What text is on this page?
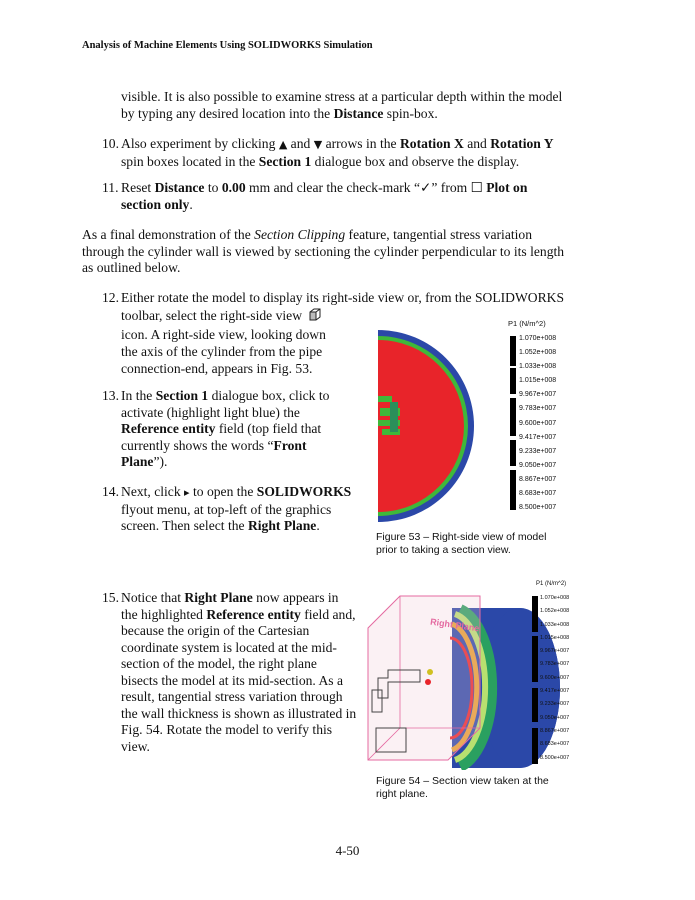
Analysis of Machine Elements Using SOLIDWORKS Simulation
visible. It is also possible to examine stress at a particular depth within the model
by typing any desired location into the Distance spin-box.
10. Also experiment by clicking ▲ and ▼ arrows in the Rotation X and Rotation Y
spin boxes located in the Section 1 dialogue box and observe the display.
11. Reset Distance to 0.00 mm and clear the check-mark “✓” from ☐ Plot on
section only.
As a final demonstration of the Section Clipping feature, tangential stress variation
through the cylinder wall is viewed by sectioning the cylinder perpendicular to its length
as outlined below.
12. Either rotate the model to display its right-side view or, from the SOLIDWORKS
toolbar, select the right-side view
icon. A right-side view, looking down
the axis of the cylinder from the pipe
connection-end, appears in Fig. 53.
13. In the Section 1 dialogue box, click to
activate (highlight light blue) the
Reference entity field (top field that
currently shows the words “Front
Plane”).
14. Next, click ▸ to open the SOLIDWORKS
flyout menu, at top-left of the graphics
screen. Then select the Right Plane.
15. Notice that Right Plane now appears in
the highlighted Reference entity field and,
because the origin of the Cartesian
coordinate system is located at the mid-
section of the model, the right plane
bisects the model at its mid-section. As a
result, tangential stress variation through
the wall thickness is shown as illustrated in
Fig. 54. Rotate the model to verify this
view.
P1 (N/m^2)
1.070e+008
1.052e+008
1.033e+008
1.015e+008
9.967e+007
9.783e+007
9.600e+007
9.417e+007
9.233e+007
9.050e+007
8.867e+007
8.683e+007
8.500e+007
Figure 53 – Right-side view of model
prior to taking a section view.
Right Plane
P1 (N/m^2)
1.070e+008
1.052e+008
1.033e+008
1.015e+008
9.967e+007
9.783e+007
9.600e+007
9.417e+007
9.233e+007
9.050e+007
8.867e+007
8.683e+007
8.500e+007
Figure 54 – Section view taken at the
right plane.
4-50
